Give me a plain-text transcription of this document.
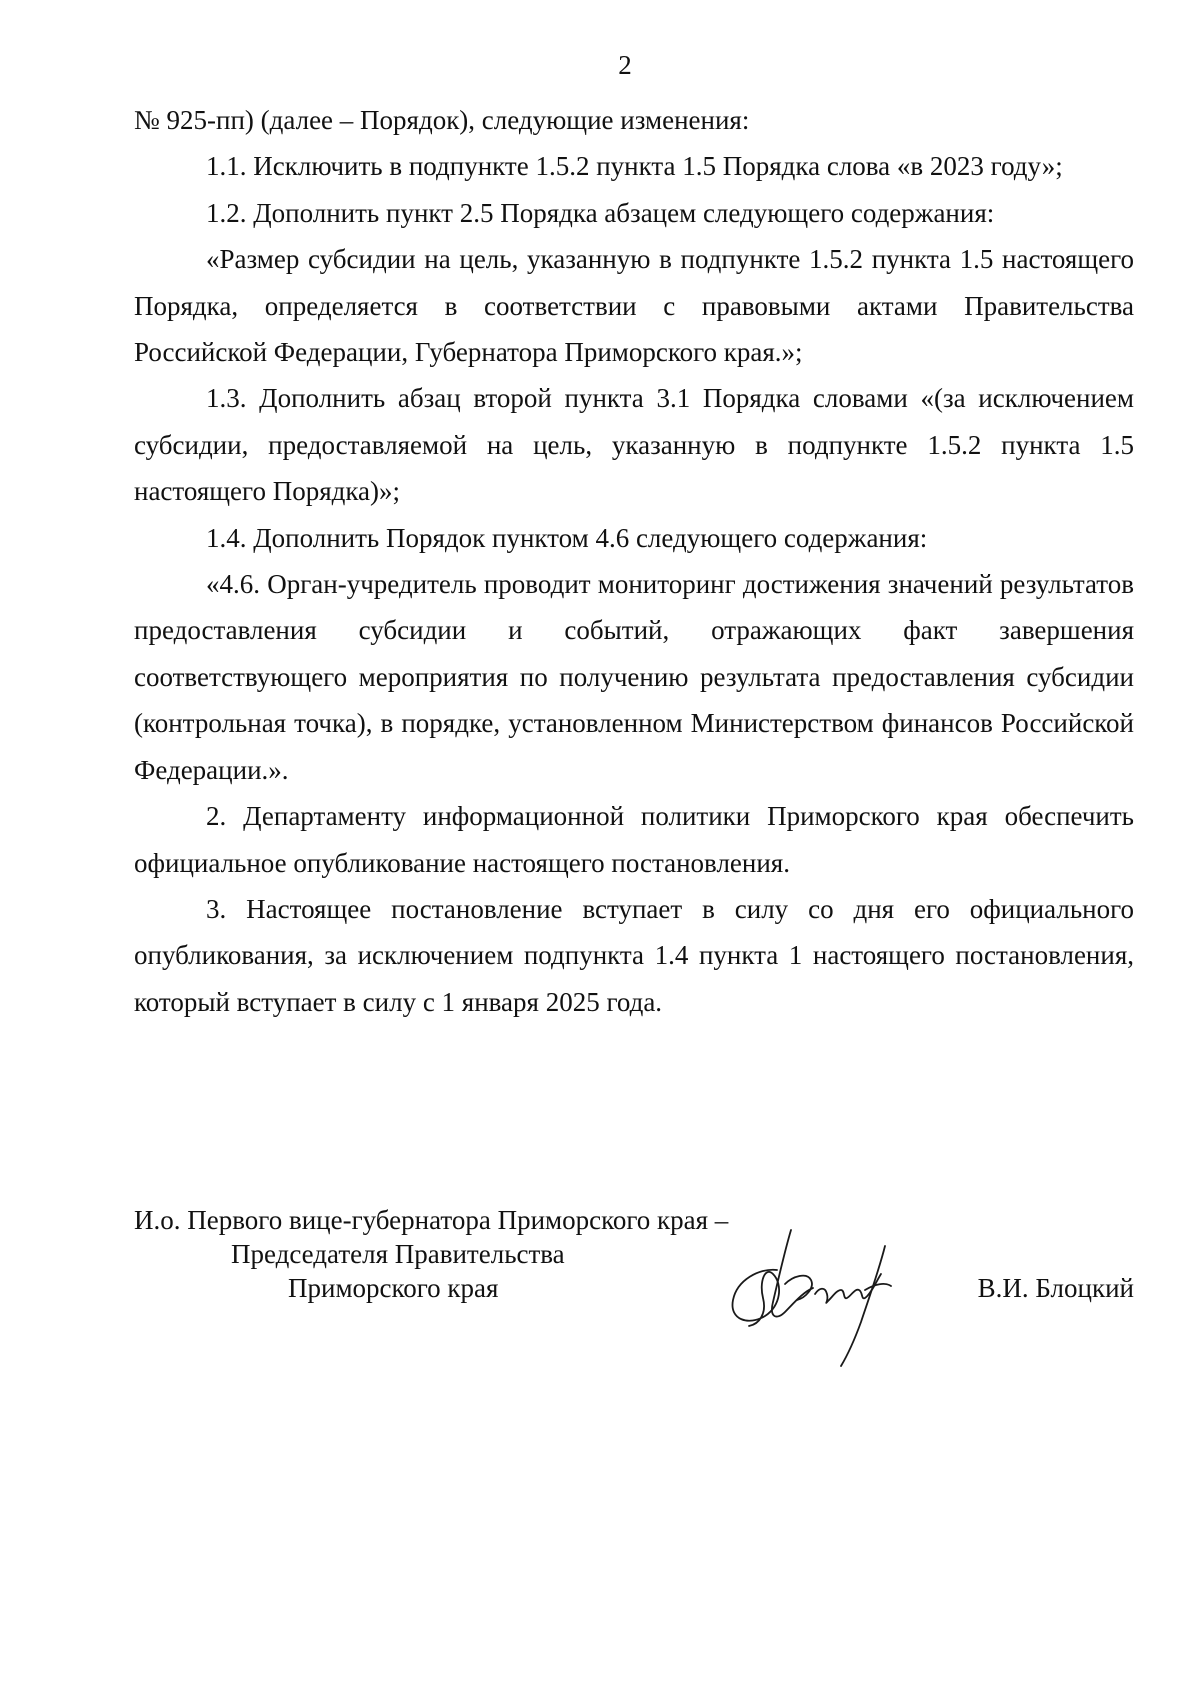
2

№ 925-пп) (далее – Порядок), следующие изменения:

1.1. Исключить в подпункте 1.5.2 пункта 1.5 Порядка слова «в 2023 году»;

1.2. Дополнить пункт 2.5 Порядка абзацем следующего содержания:

«Размер субсидии на цель, указанную в подпункте 1.5.2 пункта 1.5 настоящего Порядка, определяется в соответствии с правовыми актами Правительства Российской Федерации, Губернатора Приморского края.»;

1.3. Дополнить абзац второй пункта 3.1 Порядка словами «(за исключением субсидии, предоставляемой на цель, указанную в подпункте 1.5.2 пункта 1.5 настоящего Порядка)»;

1.4. Дополнить Порядок пунктом 4.6 следующего содержания:

«4.6. Орган-учредитель проводит мониторинг достижения значений результатов предоставления субсидии и событий, отражающих факт завершения соответствующего мероприятия по получению результата предоставления субсидии (контрольная точка), в порядке, установленном Министерством финансов Российской Федерации.».

2. Департаменту информационной политики Приморского края обеспечить официальное опубликование настоящего постановления.

3. Настоящее постановление вступает в силу со дня его официального опубликования, за исключением подпункта 1.4 пункта 1 настоящего постановления, который вступает в силу с 1 января 2025 года.

И.о. Первого вице-губернатора Приморского края –
Председателя Правительства
Приморского края	В.И. Блоцкий
